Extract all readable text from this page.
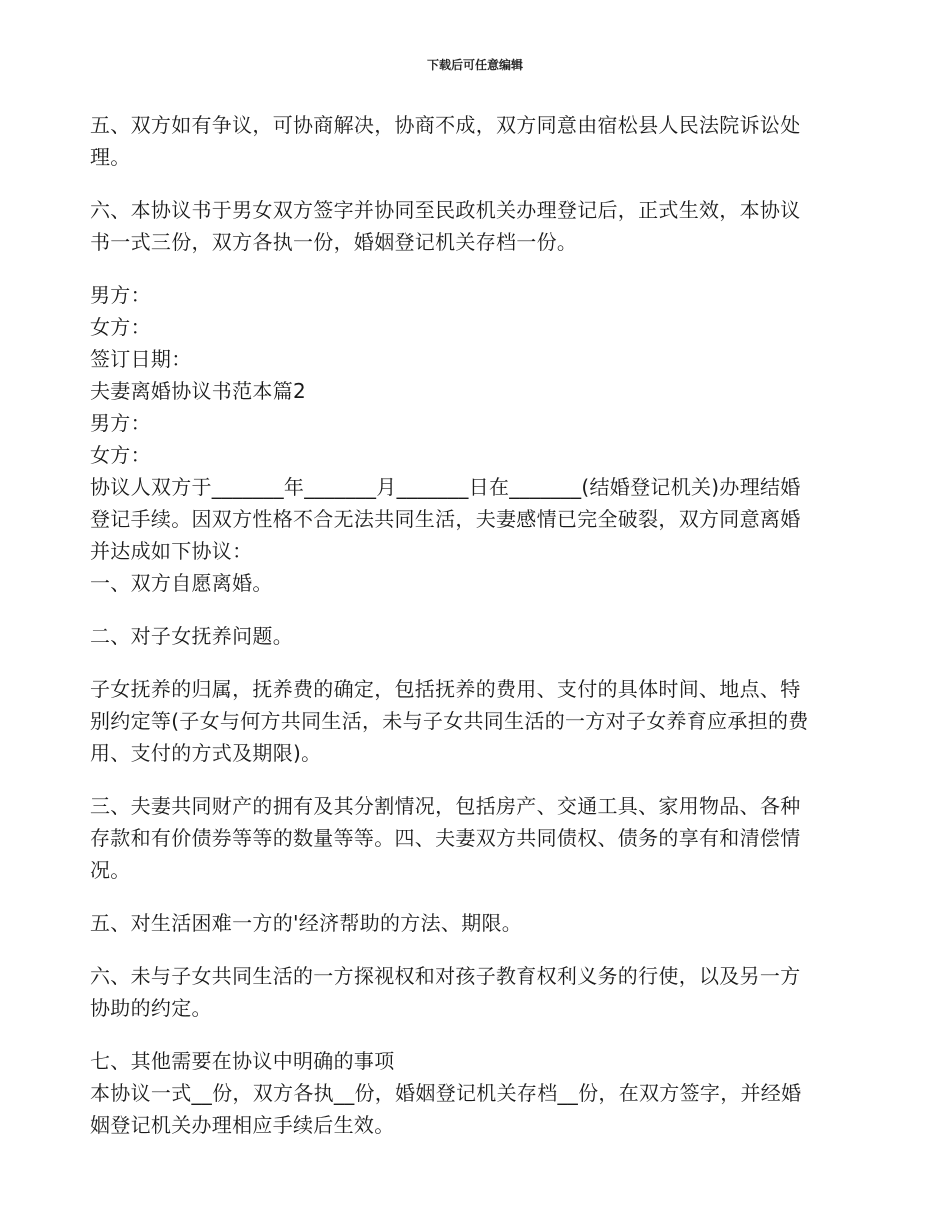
下载后可任意编辑
五、双方如有争议，可协商解决，协商不成，双方同意由宿松县人民法院诉讼处
理。
六、本协议书于男女双方签字并协同至民政机关办理登记后，正式生效，本协议
书一式三份，双方各执一份，婚姻登记机关存档一份。
男方：
女方：
签订日期：
夫妻离婚协议书范本篇2
男方：
女方：
协议人双方于_______年_______月_______日在_______(结婚登记机关)办理结婚
登记手续。因双方性格不合无法共同生活，夫妻感情已完全破裂，双方同意离婚
并达成如下协议：
一、双方自愿离婚。
二、对子女抚养问题。
子女抚养的归属，抚养费的确定，包括抚养的费用、支付的具体时间、地点、特
别约定等(子女与何方共同生活，未与子女共同生活的一方对子女养育应承担的费
用、支付的方式及期限)。
三、夫妻共同财产的拥有及其分割情况，包括房产、交通工具、家用物品、各种
存款和有价债券等等的数量等等。四、夫妻双方共同债权、债务的享有和清偿情
况。
五、对生活困难一方的'经济帮助的方法、期限。
六、未与子女共同生活的一方探视权和对孩子教育权利义务的行使，以及另一方
协助的约定。
七、其他需要在协议中明确的事项
本协议一式__份，双方各执__份，婚姻登记机关存档__份，在双方签字，并经婚
姻登记机关办理相应手续后生效。
